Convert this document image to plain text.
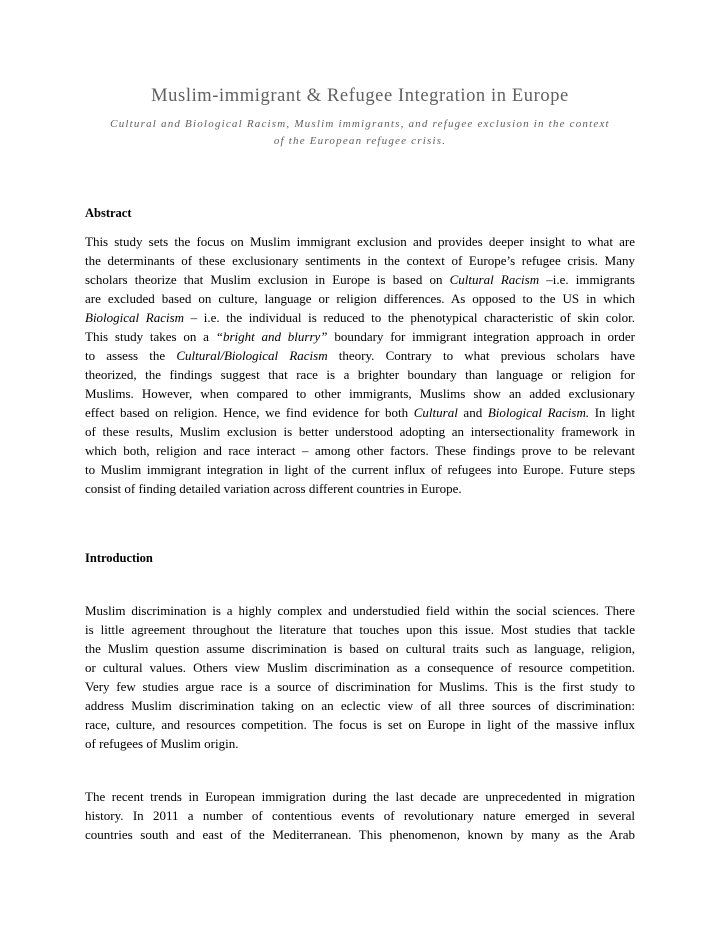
Muslim-immigrant & Refugee Integration in Europe
Cultural and Biological Racism, Muslim immigrants, and refugee exclusion in the context
of the European refugee crisis.
Abstract
This study sets the focus on Muslim immigrant exclusion and provides deeper insight to what are
the determinants of these exclusionary sentiments in the context of Europe’s refugee crisis. Many
scholars theorize that Muslim exclusion in Europe is based on Cultural Racism –i.e. immigrants
are excluded based on culture, language or religion differences. As opposed to the US in which
Biological Racism – i.e. the individual is reduced to the phenotypical characteristic of skin color.
This study takes on a “bright and blurry” boundary for immigrant integration approach in order
to assess the Cultural/Biological Racism theory. Contrary to what previous scholars have
theorized, the findings suggest that race is a brighter boundary than language or religion for
Muslims. However, when compared to other immigrants, Muslims show an added exclusionary
effect based on religion. Hence, we find evidence for both Cultural and Biological Racism. In light
of these results, Muslim exclusion is better understood adopting an intersectionality framework in
which both, religion and race interact – among other factors. These findings prove to be relevant
to Muslim immigrant integration in light of the current influx of refugees into Europe. Future steps
consist of finding detailed variation across different countries in Europe.
Introduction
Muslim discrimination is a highly complex and understudied field within the social sciences. There
is little agreement throughout the literature that touches upon this issue. Most studies that tackle
the Muslim question assume discrimination is based on cultural traits such as language, religion,
or cultural values. Others view Muslim discrimination as a consequence of resource competition.
Very few studies argue race is a source of discrimination for Muslims. This is the first study to
address Muslim discrimination taking on an eclectic view of all three sources of discrimination:
race, culture, and resources competition. The focus is set on Europe in light of the massive influx
of refugees of Muslim origin.
The recent trends in European immigration during the last decade are unprecedented in migration
history. In 2011 a number of contentious events of revolutionary nature emerged in several
countries south and east of the Mediterranean. This phenomenon, known by many as the Arab
